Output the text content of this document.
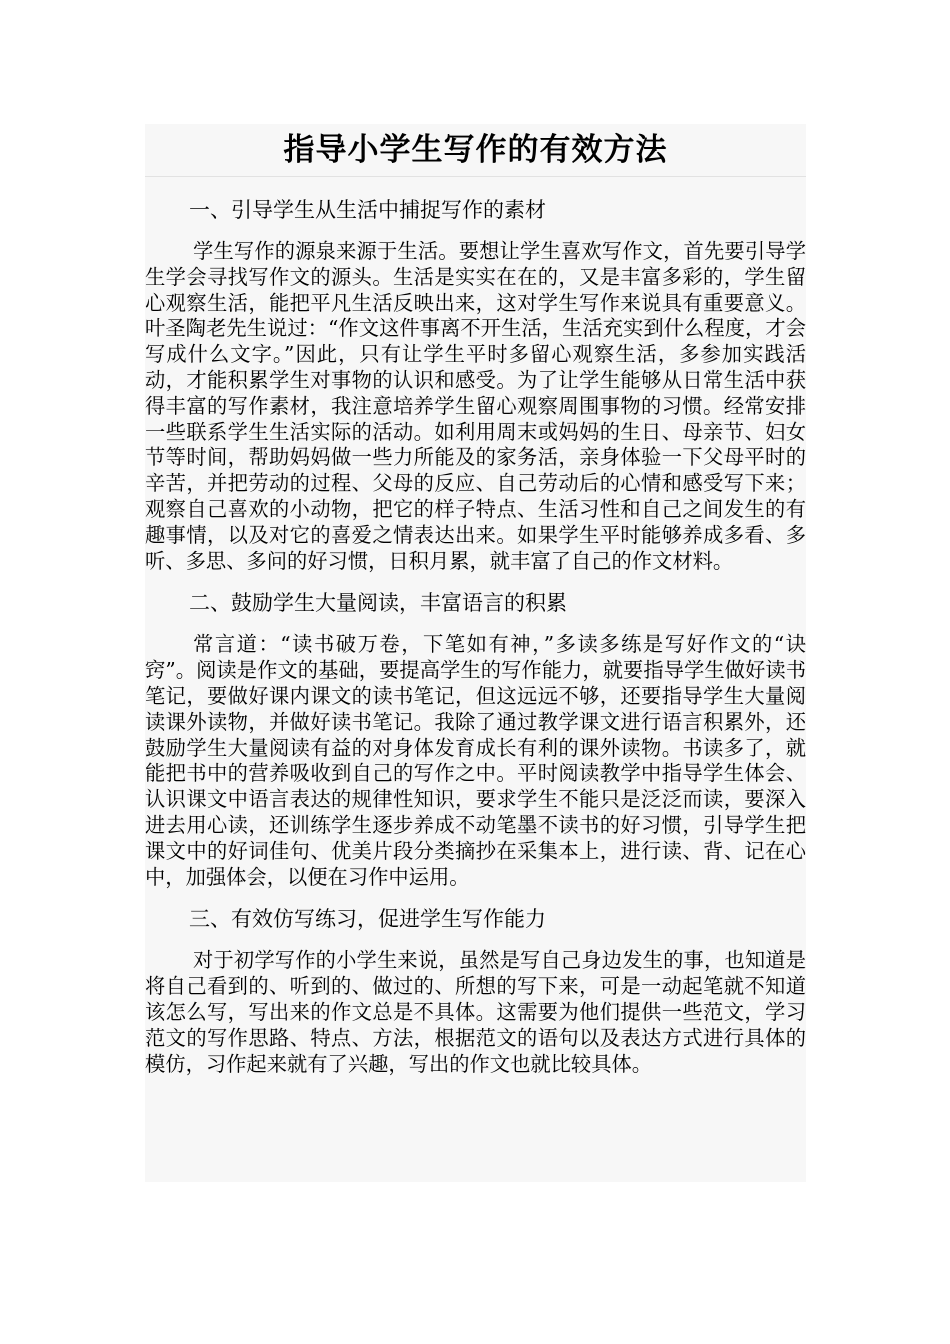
指导小学生写作的有效方法
一、引导学生从生活中捕捉写作的素材

学生写作的源泉来源于生活。要想让学生喜欢写作文，首先要引导学生学会寻找写作文的源头。生活是实实在在的，又是丰富多彩的，学生留心观察生活，能把平凡生活反映出来，这对学生写作来说具有重要意义。叶圣陶老先生说过：“作文这件事离不开生活，生活充实到什么程度，才会写成什么文字。”因此，只有让学生平时多留心观察生活，多参加实践活动，才能积累学生对事物的认识和感受。为了让学生能够从日常生活中获得丰富的写作素材，我注意培养学生留心观察周围事物的习惯。经常安排一些联系学生生活实际的活动。如利用周末或妈妈的生日、母亲节、妇女节等时间，帮助妈妈做一些力所能及的家务活，亲身体验一下父母平时的辛苦，并把劳动的过程、父母的反应、自己劳动后的心情和感受写下来；观察自己喜欢的小动物，把它的样子特点、生活习性和自己之间发生的有趣事情，以及对它的喜爱之情表达出来。如果学生平时能够养成多看、多听、多思、多问的好习惯，日积月累，就丰富了自己的作文材料。

二、鼓励学生大量阅读，丰富语言的积累

常言道：“读书破万卷，下笔如有神，”多读多练是写好作文的“诀窍”。阅读是作文的基础，要提高学生的写作能力，就要指导学生做好读书笔记，要做好课内课文的读书笔记，但这远远不够，还要指导学生大量阅读课外读物，并做好读书笔记。我除了通过教学课文进行语言积累外，还鼓励学生大量阅读有益的对身体发育成长有利的课外读物。书读多了，就能把书中的营养吸收到自己的写作之中。平时阅读教学中指导学生体会、认识课文中语言表达的规律性知识，要求学生不能只是泛泛而读，要深入进去用心读，还训练学生逐步养成不动笔墨不读书的好习惯，引导学生把课文中的好词佳句、优美片段分类摘抄在采集本上，进行读、背、记在心中，加强体会，以便在习作中运用。

三、有效仿写练习，促进学生写作能力

对于初学写作的小学生来说，虽然是写自己身边发生的事，也知道是将自己看到的、听到的、做过的、所想的写下来，可是一动起笔就不知道该怎么写，写出来的作文总是不具体。这需要为他们提供一些范文，学习范文的写作思路、特点、方法，根据范文的语句以及表达方式进行具体的模仿，习作起来就有了兴趣，写出的作文也就比较具体。
